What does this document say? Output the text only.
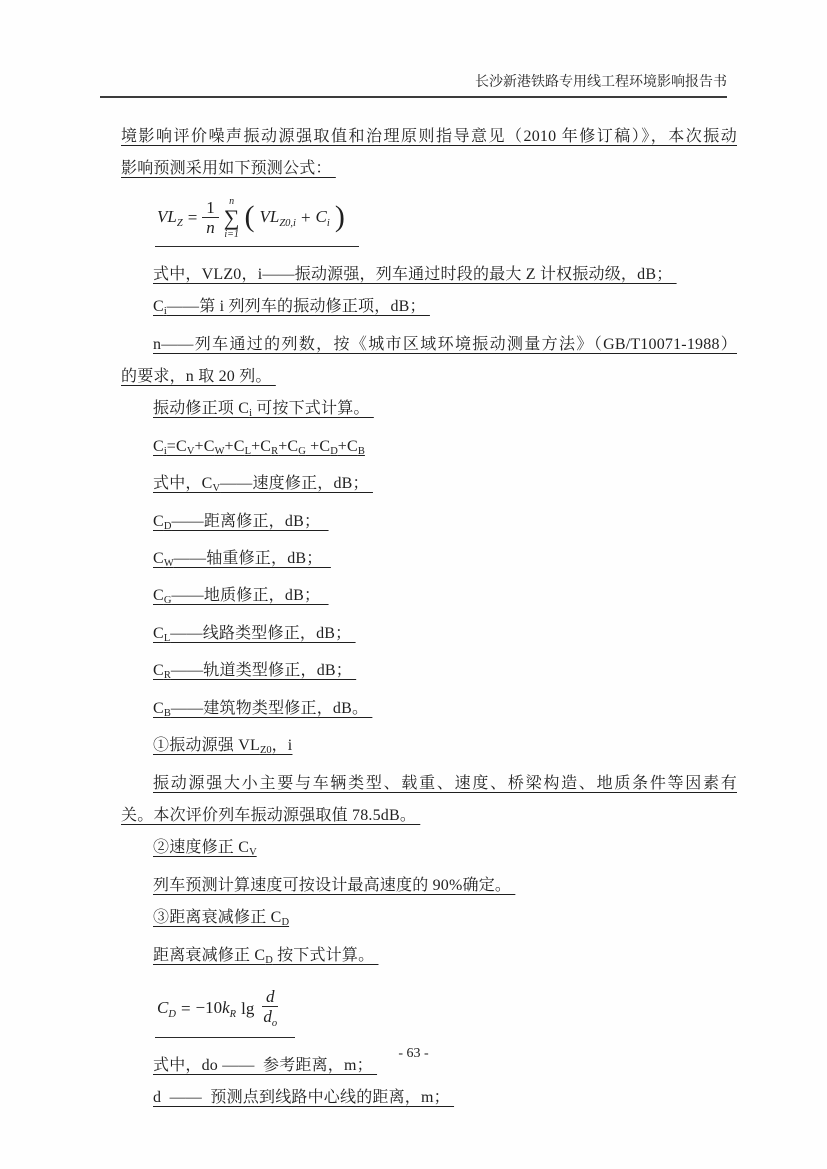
长沙新港铁路专用线工程环境影响报告书
境影响评价噪声振动源强取值和治理原则指导意见（2010 年修订稿）》，本次振动
影响预测采用如下预测公式：
$VL_Z = \frac{1}{n}$ n
∑
i=1
( $VL_{Z0,i} + C_i$ )
式中，VLZ0，i——振动源强，列车通过时段的最大 Z 计权振动级，dB；
Ci——第 i 列列车的振动修正项，dB；
n——列车通过的列数，按《城市区域环境振动测量方法》（GB/T10071-1988）
的要求，n 取 20 列。
振动修正项 Ci 可按下式计算。
Ci=CV+CW+CL+CR+CG +CD+CB
式中，CV——速度修正，dB；
CD——距离修正，dB；
CW——轴重修正，dB；
CG——地质修正，dB；
CL——线路类型修正，dB；
CR——轨道类型修正，dB；
CB——建筑物类型修正，dB。
①振动源强 VLZ0，i
振动源强大小主要与车辆类型、载重、速度、桥梁构造、地质条件等因素有
关。本次评价列车振动源强取值 78.5dB。
②速度修正 CV
列车预测计算速度可按设计最高速度的 90%确定。
③距离衰减修正 CD
距离衰减修正 CD 按下式计算。
$C_D = -10k_R$ $\lg \frac{d}{d_o}$
式中，do ——  参考距离，m；
d  ——  预测点到线路中心线的距离，m；
- 63 -
